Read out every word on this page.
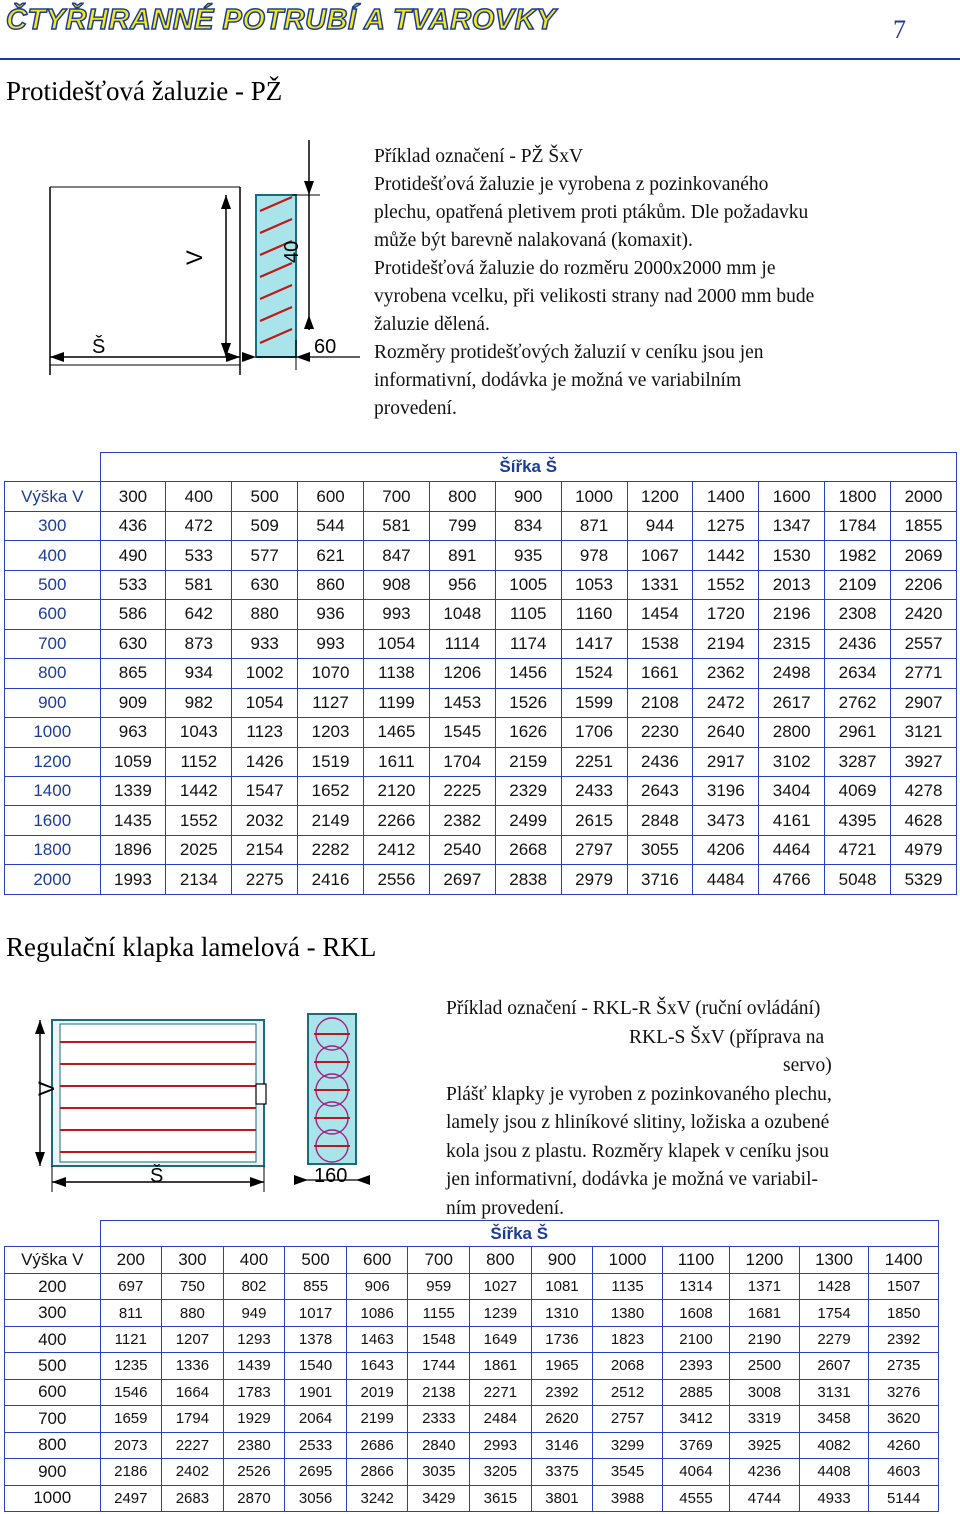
ČTYŘHRANNÉ POTRUBÍ A TVAROVKY	7
Protidešťová žaluzie - PŽ
V	40
Š	60
Příklad označení - PŽ ŠxV
Protidešťová žaluzie je vyrobena z pozinkovaného
plechu, opatřená pletivem proti ptákům. Dle požadavku
může být barevně nalakovaná (komaxit).
Protidešťová žaluzie do rozměru 2000x2000 mm je
vyrobena vcelku, při velikosti strany nad 2000 mm bude
žaluzie dělená.
Rozměry protidešťových žaluzií v ceníku jsou jen
informativní, dodávka je možná ve variabilním
provedení.
	Šířka Š												
Výška V	300	400	500	600	700	800	900	1000	1200	1400	1600	1800	2000
300	436	472	509	544	581	799	834	871	944	1275	1347	1784	1855
400	490	533	577	621	847	891	935	978	1067	1442	1530	1982	2069
500	533	581	630	860	908	956	1005	1053	1331	1552	2013	2109	2206
600	586	642	880	936	993	1048	1105	1160	1454	1720	2196	2308	2420
700	630	873	933	993	1054	1114	1174	1417	1538	2194	2315	2436	2557
800	865	934	1002	1070	1138	1206	1456	1524	1661	2362	2498	2634	2771
900	909	982	1054	1127	1199	1453	1526	1599	2108	2472	2617	2762	2907
1000	963	1043	1123	1203	1465	1545	1626	1706	2230	2640	2800	2961	3121
1200	1059	1152	1426	1519	1611	1704	2159	2251	2436	2917	3102	3287	3927
1400	1339	1442	1547	1652	2120	2225	2329	2433	2643	3196	3404	4069	4278
1600	1435	1552	2032	2149	2266	2382	2499	2615	2848	3473	4161	4395	4628
1800	1896	2025	2154	2282	2412	2540	2668	2797	3055	4206	4464	4721	4979
2000	1993	2134	2275	2416	2556	2697	2838	2979	3716	4484	4766	5048	5329
Regulační klapka lamelová - RKL
V
Š	160
Příklad označení - RKL-R ŠxV (ruční ovládání)
RKL-S ŠxV (příprava na
servo)
Plášť klapky je vyroben z pozinkovaného plechu,
lamely jsou z hliníkové slitiny, ložiska a ozubené
kola jsou z plastu. Rozměry klapek v ceníku jsou
jen informativní, dodávka je možná ve variabil-
ním provedení.
	Šířka Š												
Výška V	200	300	400	500	600	700	800	900	1000	1100	1200	1300	1400
200	697	750	802	855	906	959	1027	1081	1135	1314	1371	1428	1507
300	811	880	949	1017	1086	1155	1239	1310	1380	1608	1681	1754	1850
400	1121	1207	1293	1378	1463	1548	1649	1736	1823	2100	2190	2279	2392
500	1235	1336	1439	1540	1643	1744	1861	1965	2068	2393	2500	2607	2735
600	1546	1664	1783	1901	2019	2138	2271	2392	2512	2885	3008	3131	3276
700	1659	1794	1929	2064	2199	2333	2484	2620	2757	3412	3319	3458	3620
800	2073	2227	2380	2533	2686	2840	2993	3146	3299	3769	3925	4082	4260
900	2186	2402	2526	2695	2866	3035	3205	3375	3545	4064	4236	4408	4603
1000	2497	2683	2870	3056	3242	3429	3615	3801	3988	4555	4744	4933	5144
